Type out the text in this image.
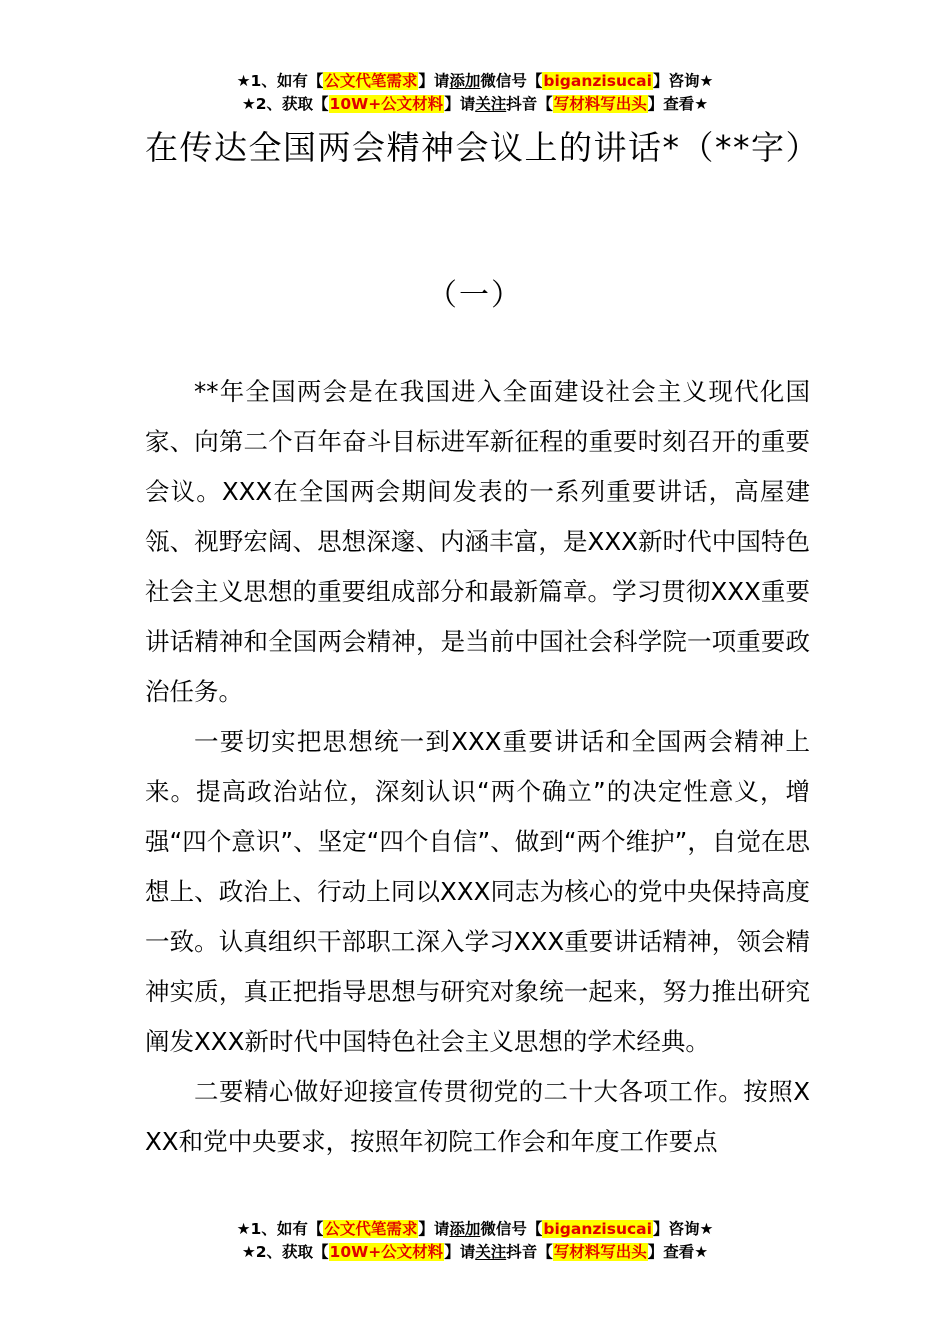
★1、如有【公文代笔需求】请添加微信号【biganzisucai】咨询★
★2、获取【10W+公文材料】请关注抖音【写材料写出头】查看★
在传达全国两会精神会议上的讲话*（**字）
（一）

**年全国两会是在我国进入全面建设社会主义现代化国家、向第二个百年奋斗目标进军新征程的重要时刻召开的重要会议。XXX在全国两会期间发表的一系列重要讲话，高屋建瓴、视野宏阔、思想深邃、内涵丰富，是XXX新时代中国特色社会主义思想的重要组成部分和最新篇章。学习贯彻XXX重要讲话精神和全国两会精神，是当前中国社会科学院一项重要政治任务。

一要切实把思想统一到XXX重要讲话和全国两会精神上来。提高政治站位，深刻认识“两个确立”的决定性意义，增强“四个意识”、坚定“四个自信”、做到“两个维护”，自觉在思想上、政治上、行动上同以XXX同志为核心的党中央保持高度一致。认真组织干部职工深入学习XXX重要讲话精神，领会精神实质，真正把指导思想与研究对象统一起来，努力推出研究阐发XXX新时代中国特色社会主义思想的学术经典。

二要精心做好迎接宣传贯彻党的二十大各项工作。按照XXX和党中央要求，按照年初院工作会和年度工作要点

★1、如有【公文代笔需求】请添加微信号【biganzisucai】咨询★
★2、获取【10W+公文材料】请关注抖音【写材料写出头】查看★
